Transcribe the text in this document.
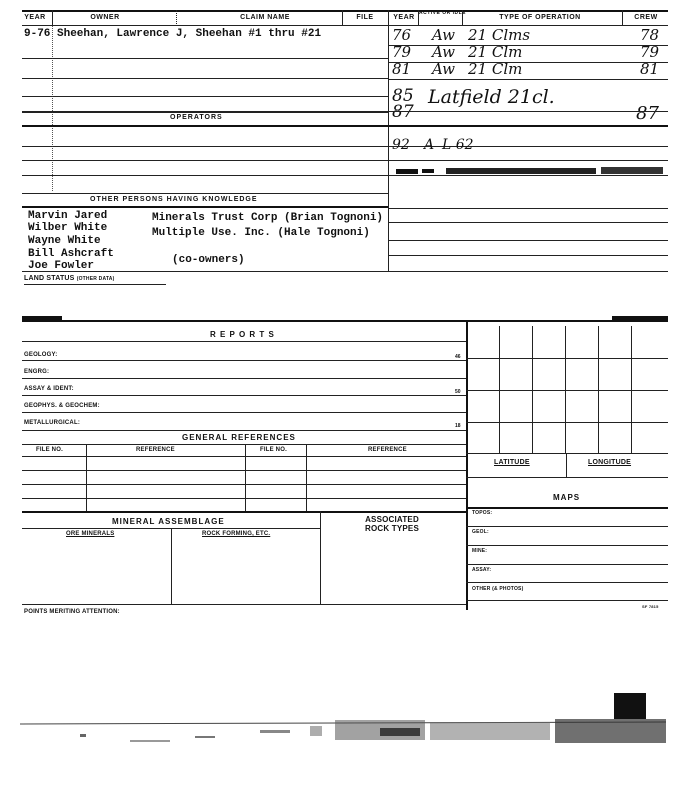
YEAR	OWNER	CLAIM NAME	FILE	YEAR
ACTIVE OR IDLE
TYPE OF OPERATION	CREW
9-76 Sheehan, Lawrence J, Sheehan #1 thru #21	76 Aw 21 Clms	78
79 Aw 21 Clm	79
81 Aw 21 Clm	81
85 Latfield 21cl.
87	87
OPERATORS
92 A L 62
OTHER PERSONS HAVING KNOWLEDGE
Marvin Jared
Wilber White
Wayne White
Bill Ashcraft
Joe Fowler
Minerals Trust Corp (Brian Tognoni)
Multiple Use. Inc. (Hale Tognoni)
(co-owners)
LAND STATUS (OTHER DATA)
R E P O R T S
GEOLOGY:	46
ENGRG:
ASSAY & IDENT:	50
GEOPHYS. & GEOCHEM:
METALLURGICAL:	18
GENERAL REFERENCES
FILE NO.	REFERENCE	FILE NO.	REFERENCE
LATITUDE	LONGITUDE
MAPS
TOPOS:
GEOL:
MINE:
ASSAY:
OTHER (& PHOTOS)
MINERAL ASSEMBLAGE	ASSOCIATED ROCK TYPES
ORE MINERALS	ROCK FORMING, ETC.
POINTS MERITING ATTENTION:
SF 7815
